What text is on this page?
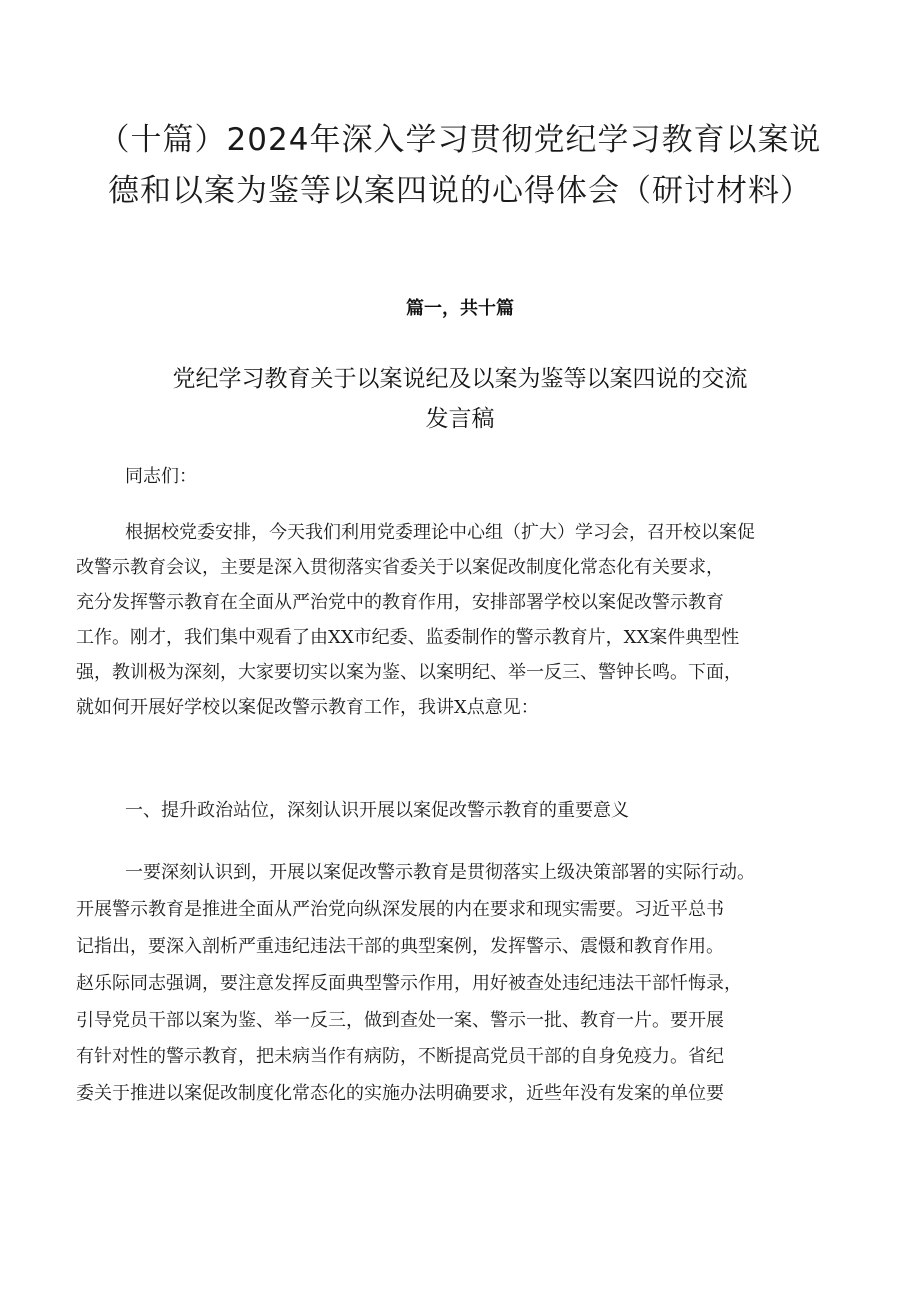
（十篇）2024年深入学习贯彻党纪学习教育以案说
德和以案为鉴等以案四说的心得体会（研讨材料）
篇一，共十篇
党纪学习教育关于以案说纪及以案为鉴等以案四说的交流
发言稿

同志们：

根据校党委安排，今天我们利用党委理论中心组（扩大）学习会，召开校以案促
改警示教育会议，主要是深入贯彻落实省委关于以案促改制度化常态化有关要求，
充分发挥警示教育在全面从严治党中的教育作用，安排部署学校以案促改警示教育
工作。刚才，我们集中观看了由XX市纪委、监委制作的警示教育片，XX案件典型性
强，教训极为深刻，大家要切实以案为鉴、以案明纪、举一反三、警钟长鸣。下面，
就如何开展好学校以案促改警示教育工作，我讲X点意见：
一、提升政治站位，深刻认识开展以案促改警示教育的重要意义
一要深刻认识到，开展以案促改警示教育是贯彻落实上级决策部署的实际行动。
开展警示教育是推进全面从严治党向纵深发展的内在要求和现实需要。习近平总书
记指出，要深入剖析严重违纪违法干部的典型案例，发挥警示、震慑和教育作用。
赵乐际同志强调，要注意发挥反面典型警示作用，用好被查处违纪违法干部忏悔录，
引导党员干部以案为鉴、举一反三，做到查处一案、警示一批、教育一片。要开展
有针对性的警示教育，把未病当作有病防，不断提高党员干部的自身免疫力。省纪
委关于推进以案促改制度化常态化的实施办法明确要求，近些年没有发案的单位要
